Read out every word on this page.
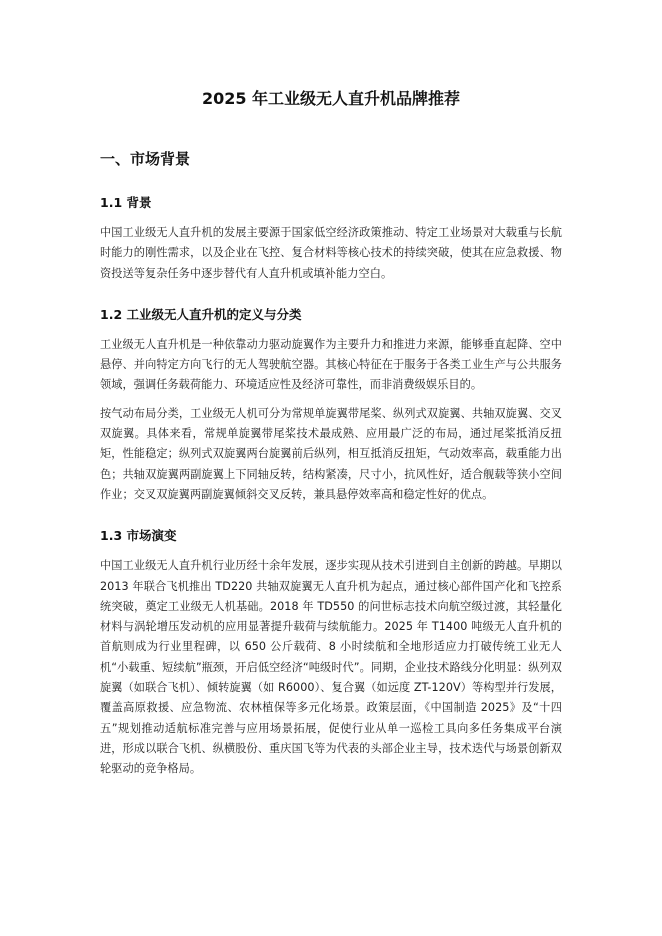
2025 年工业级无人直升机品牌推荐
一、市场背景
1.1 背景

中国工业级无人直升机的发展主要源于国家低空经济政策推动、特定工业场景对大载重与长航时能力的刚性需求，以及企业在飞控、复合材料等核心技术的持续突破，使其在应急救援、物资投送等复杂任务中逐步替代有人直升机或填补能力空白。

1.2 工业级无人直升机的定义与分类

工业级无人直升机是一种依靠动力驱动旋翼作为主要升力和推进力来源，能够垂直起降、空中悬停、并向特定方向飞行的无人驾驶航空器。其核心特征在于服务于各类工业生产与公共服务领域，强调任务载荷能力、环境适应性及经济可靠性，而非消费级娱乐目的。

按气动布局分类，工业级无人机可分为常规单旋翼带尾桨、纵列式双旋翼、共轴双旋翼、交叉双旋翼。具体来看，常规单旋翼带尾桨技术最成熟、应用最广泛的布局，通过尾桨抵消反扭矩，性能稳定；纵列式双旋翼两台旋翼前后纵列，相互抵消反扭矩，气动效率高，载重能力出色；共轴双旋翼两副旋翼上下同轴反转，结构紧凑，尺寸小，抗风性好，适合舰载等狭小空间作业；交叉双旋翼两副旋翼倾斜交叉反转，兼具悬停效率高和稳定性好的优点。

1.3 市场演变

中国工业级无人直升机行业历经十余年发展，逐步实现从技术引进到自主创新的跨越。早期以 2013 年联合飞机推出 TD220 共轴双旋翼无人直升机为起点，通过核心部件国产化和飞控系统突破，奠定工业级无人机基础。2018 年 TD550 的问世标志技术向航空级过渡，其轻量化材料与涡轮增压发动机的应用显著提升载荷与续航能力。2025 年 T1400 吨级无人直升机的首航则成为行业里程碑，以 650 公斤载荷、8 小时续航和全地形适应力打破传统工业无人机“小载重、短续航”瓶颈，开启低空经济“吨级时代”。同期，企业技术路线分化明显：纵列双旋翼（如联合飞机）、倾转旋翼（如 R6000）、复合翼（如远度 ZT-120V）等构型并行发展，覆盖高原救援、应急物流、农林植保等多元化场景。政策层面，《中国制造 2025》及“十四五”规划推动适航标准完善与应用场景拓展，促使行业从单一巡检工具向多任务集成平台演进，形成以联合飞机、纵横股份、重庆国飞等为代表的头部企业主导，技术迭代与场景创新双轮驱动的竞争格局。
